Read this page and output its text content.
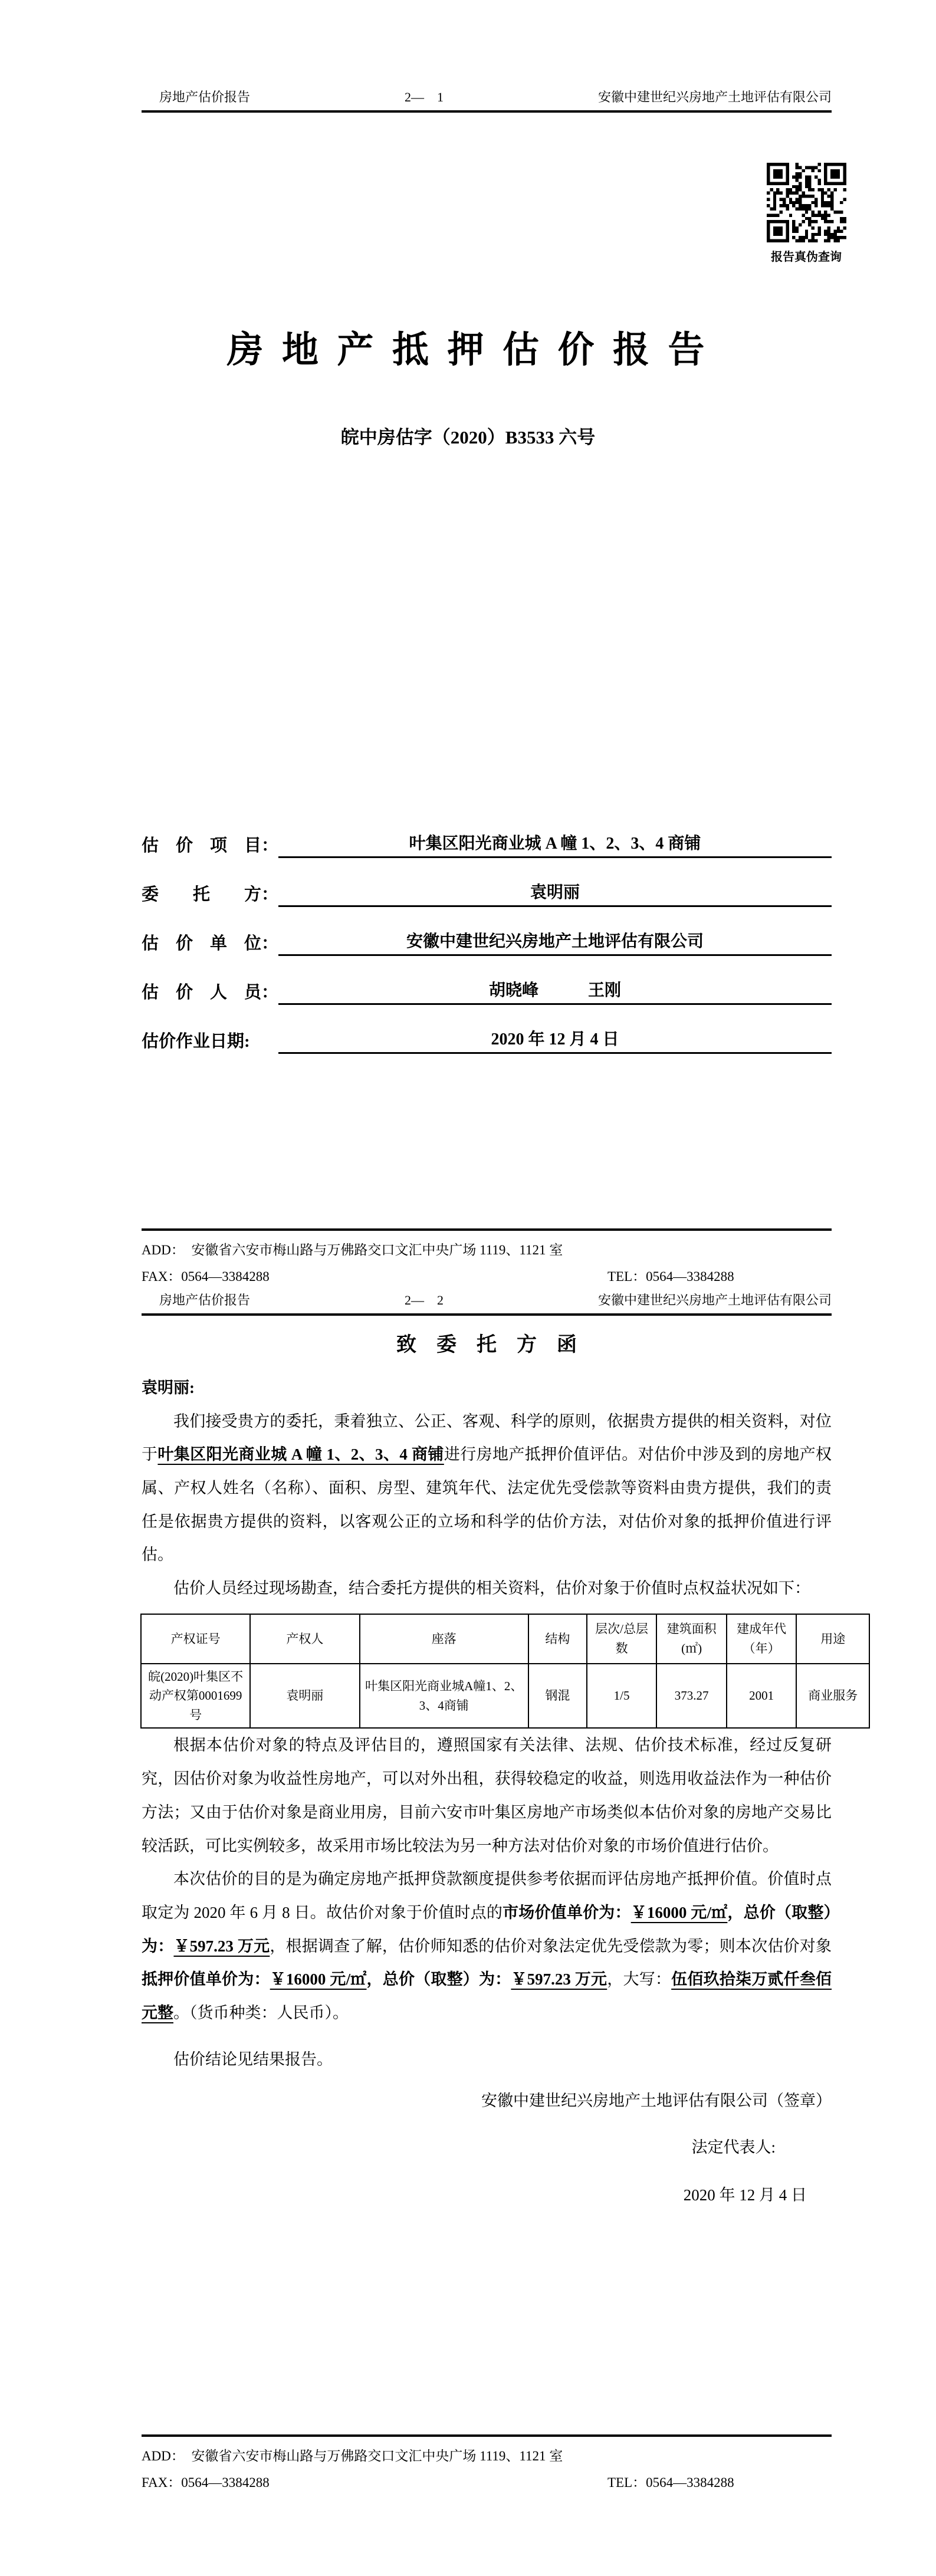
房地产估价报告	2—　1	安徽中建世纪兴房地产土地评估有限公司
报告真伪查询
房 地 产 抵 押 估 价 报 告
皖中房估字（2020）B3533 六号
估　价　项　目：	叶集区阳光商业城 A 幢 1、2、3、4 商铺
委　　托　　方：	袁明丽
估　价　单　位：	安徽中建世纪兴房地产土地评估有限公司
估　价　人　员：	胡晓峰　　　王刚
估价作业日期:	2020 年 12 月 4 日
ADD：　安徽省六安市梅山路与万佛路交口文汇中央广场 1119、1121 室
FAX：0564—3384288	TEL：0564—3384288
房地产估价报告	2—　2	安徽中建世纪兴房地产土地评估有限公司
致　委　托　方　函

袁明丽:

我们接受贵方的委托，秉着独立、公正、客观、科学的原则，依据贵方提供的相关资料，对位于叶集区阳光商业城 A 幢 1、2、3、4 商铺进行房地产抵押价值评估。对估价中涉及到的房地产权属、产权人姓名（名称）、面积、房型、建筑年代、法定优先受偿款等资料由贵方提供，我们的责任是依据贵方提供的资料，以客观公正的立场和科学的估价方法，对估价对象的抵押价值进行评估。

估价人员经过现场勘查，结合委托方提供的相关资料，估价对象于价值时点权益状况如下：

产权证号	产权人	座落	结构	层次/总层数	建筑面积(㎡)	建成年代（年）	用途
皖(2020)叶集区不动产权第0001699 号	袁明丽	叶集区阳光商业城A幢1、2、3、4商铺	钢混	1/5	373.27	2001	商业服务

根据本估价对象的特点及评估目的，遵照国家有关法律、法规、估价技术标准，经过反复研究，因估价对象为收益性房地产，可以对外出租，获得较稳定的收益，则选用收益法作为一种估价方法；又由于估价对象是商业用房，目前六安市叶集区房地产市场类似本估价对象的房地产交易比较活跃，可比实例较多，故采用市场比较法为另一种方法对估价对象的市场价值进行估价。

本次估价的目的是为确定房地产抵押贷款额度提供参考依据而评估房地产抵押价值。价值时点取定为 2020 年 6 月 8 日。故估价对象于价值时点的市场价值单价为：￥16000 元/㎡，总价（取整）为：￥597.23 万元，根据调查了解，估价师知悉的估价对象法定优先受偿款为零；则本次估价对象抵押价值单价为：￥16000 元/㎡，总价（取整）为：￥597.23 万元，大写：伍佰玖拾柒万贰仟叁佰元整。（货币种类：人民币）。

估价结论见结果报告。

安徽中建世纪兴房地产土地评估有限公司（签章）

法定代表人:

2020 年 12 月 4 日

ADD：　安徽省六安市梅山路与万佛路交口文汇中央广场 1119、1121 室
FAX：0564—3384288	TEL：0564—3384288
